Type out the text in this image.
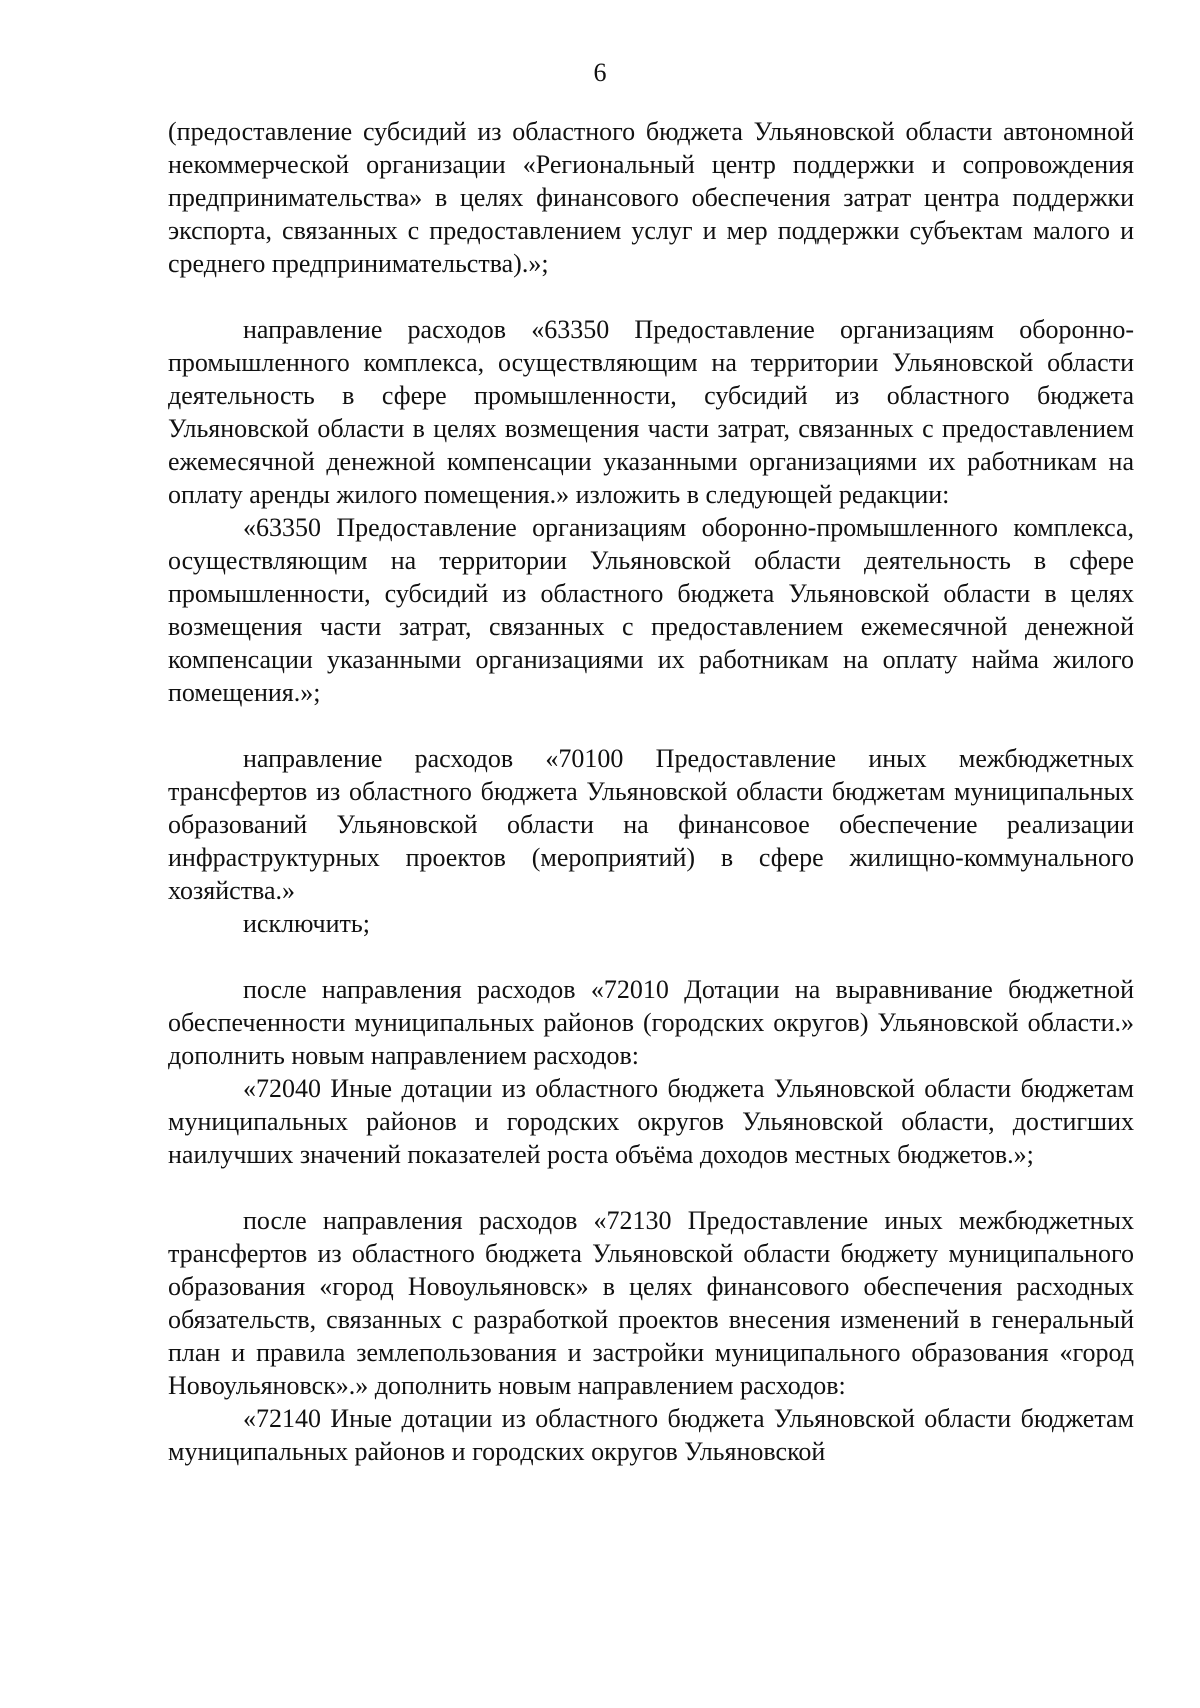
6

(предоставление субсидий из областного бюджета Ульяновской области автономной некоммерческой организации «Региональный центр поддержки и сопровождения предпринимательства» в целях финансового обеспечения затрат центра поддержки экспорта, связанных с предоставлением услуг и мер поддержки субъектам малого и среднего предпринимательства).»;

направление расходов «63350 Предоставление организациям оборонно-промышленного комплекса, осуществляющим на территории Ульяновской области деятельность в сфере промышленности, субсидий из областного бюджета Ульяновской области в целях возмещения части затрат, связанных с предоставлением ежемесячной денежной компенсации указанными организациями их работникам на оплату аренды жилого помещения.» изложить в следующей редакции:

«63350 Предоставление организациям оборонно-промышленного комплекса, осуществляющим на территории Ульяновской области деятельность в сфере промышленности, субсидий из областного бюджета Ульяновской области в целях возмещения части затрат, связанных с предоставлением ежемесячной денежной компенсации указанными организациями их работникам на оплату найма жилого помещения.»;

направление расходов «70100 Предоставление иных межбюджетных трансфертов из областного бюджета Ульяновской области бюджетам муниципальных образований Ульяновской области на финансовое обеспечение реализации инфраструктурных проектов (мероприятий) в сфере жилищно-коммунального хозяйства.»

исключить;

после направления расходов «72010 Дотации на выравнивание бюджетной обеспеченности муниципальных районов (городских округов) Ульяновской области.» дополнить новым направлением расходов:

«72040 Иные дотации из областного бюджета Ульяновской области бюджетам муниципальных районов и городских округов Ульяновской области, достигших наилучших значений показателей роста объёма доходов местных бюджетов.»;

после направления расходов «72130 Предоставление иных межбюджетных трансфертов из областного бюджета Ульяновской области бюджету муниципального образования «город Новоульяновск» в целях финансового обеспечения расходных обязательств, связанных с разработкой проектов внесения изменений в генеральный план и правила землепользования и застройки муниципального образования «город Новоульяновск».» дополнить новым направлением расходов:

«72140 Иные дотации из областного бюджета Ульяновской области бюджетам муниципальных районов и городских округов Ульяновской
